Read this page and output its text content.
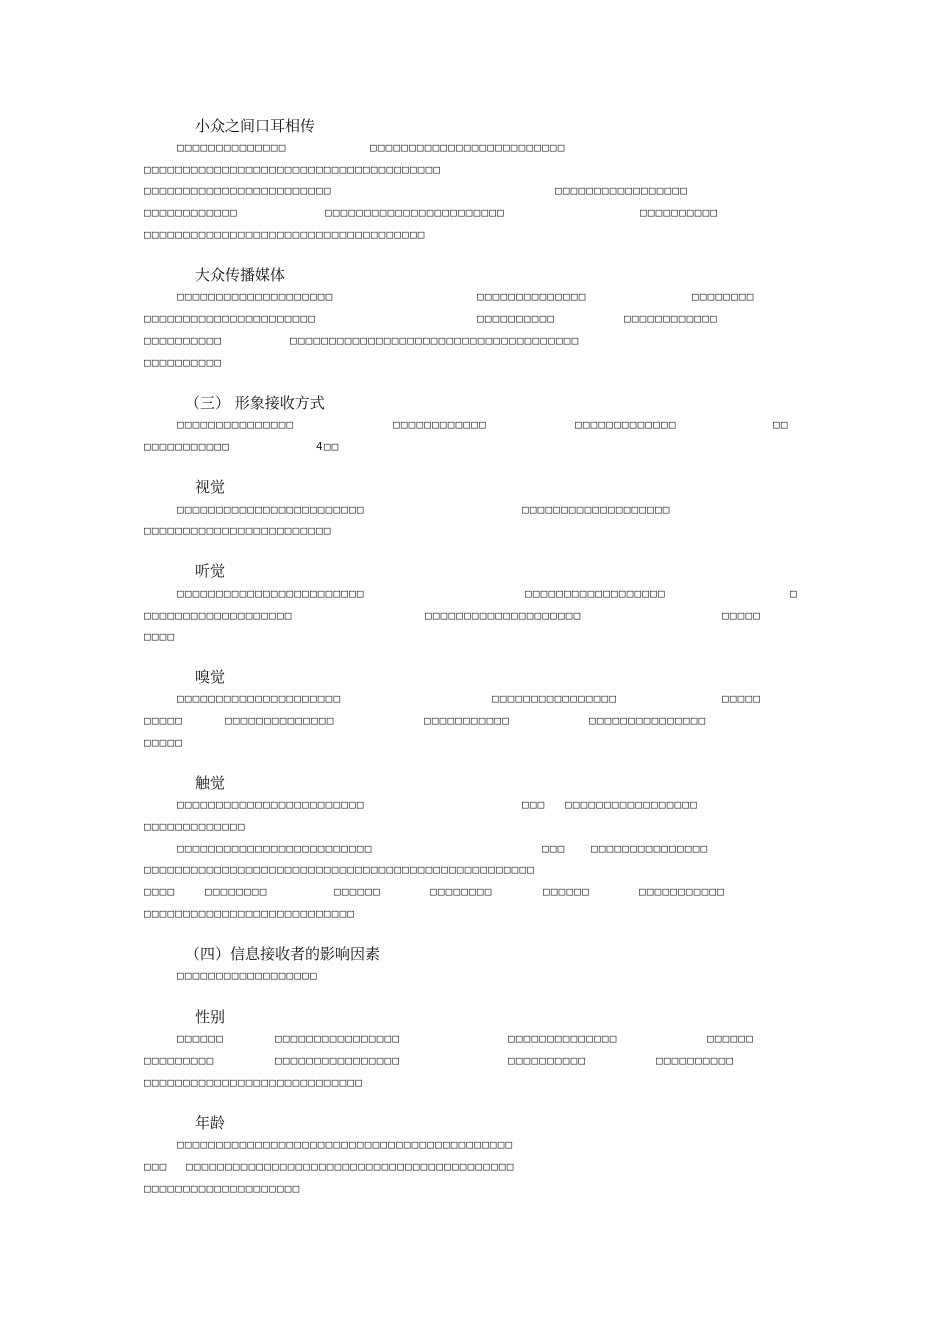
小众之间口耳相传
□□□□□□□□□□□□□□	□□□□□□□□□□□□□□□□□□□□□□□□□
□□□□□□□□□□□□□□□□□□□□□□□□□□□□□□□□□□□□□□
□□□□□□□□□□□□□□□□□□□□□□□□	□□□□□□□□□□□□□□□□□
□□□□□□□□□□□□	□□□□□□□□□□□□□□□□□□□□□□□	□□□□□□□□□□
□□□□□□□□□□□□□□□□□□□□□□□□□□□□□□□□□□□□
大众传播媒体
□□□□□□□□□□□□□□□□□□□□	□□□□□□□□□□□□□□	□□□□□□□□
□□□□□□□□□□□□□□□□□□□□□□	□□□□□□□□□□	□□□□□□□□□□□□
□□□□□□□□□□	□□□□□□□□□□□□□□□□□□□□□□□□□□□□□□□□□□□□□
□□□□□□□□□□
（三） 形象接收方式
□□□□□□□□□□□□□□□	□□□□□□□□□□□□	□□□□□□□□□□□□□	□□
□□□□□□□□□□□	4□□
视觉
□□□□□□□□□□□□□□□□□□□□□□□□	□□□□□□□□□□□□□□□□□□□
□□□□□□□□□□□□□□□□□□□□□□□□
听觉
□□□□□□□□□□□□□□□□□□□□□□□□	□□□□□□□□□□□□□□□□□□	□
□□□□□□□□□□□□□□□□□□□	□□□□□□□□□□□□□□□□□□□□	□□□□□
□□□□
嗅觉
□□□□□□□□□□□□□□□□□□□□□	□□□□□□□□□□□□□□□□	□□□□□
□□□□□	□□□□□□□□□□□□□□	□□□□□□□□□□□	□□□□□□□□□□□□□□□
□□□□□
触觉
□□□□□□□□□□□□□□□□□□□□□□□□	□□□ □□□□□□□□□□□□□□□□□
□□□□□□□□□□□□□
□□□□□□□□□□□□□□□□□□□□□□□□□	□□□ □□□□□□□□□□□□□□□
□□□□□□□□□□□□□□□□□□□□□□□□□□□□□□□□□□□□□□□□□□□□□□□□□□
□□□□	□□□□□□□□	□□□□□□	□□□□□□□□	□□□□□□	□□□□□□□□□□□
□□□□□□□□□□□□□□□□□□□□□□□□□□□
（四）信息接收者的影响因素
□□□□□□□□□□□□□□□□□□
性别
□□□□□□	□□□□□□□□□□□□□□□□	□□□□□□□□□□□□□□	□□□□□□
□□□□□□□□□	□□□□□□□□□□□□□□□□	□□□□□□□□□□	□□□□□□□□□□
□□□□□□□□□□□□□□□□□□□□□□□□□□□□
年龄
□□□□□□□□□□□□□□□□□□□□□□□□□□□□□□□□□□□□□□□□□□□
□□□ □□□□□□□□□□□□□□□□□□□□□□□□□□□□□□□□□□□□□□□□□□
□□□□□□□□□□□□□□□□□□□□
